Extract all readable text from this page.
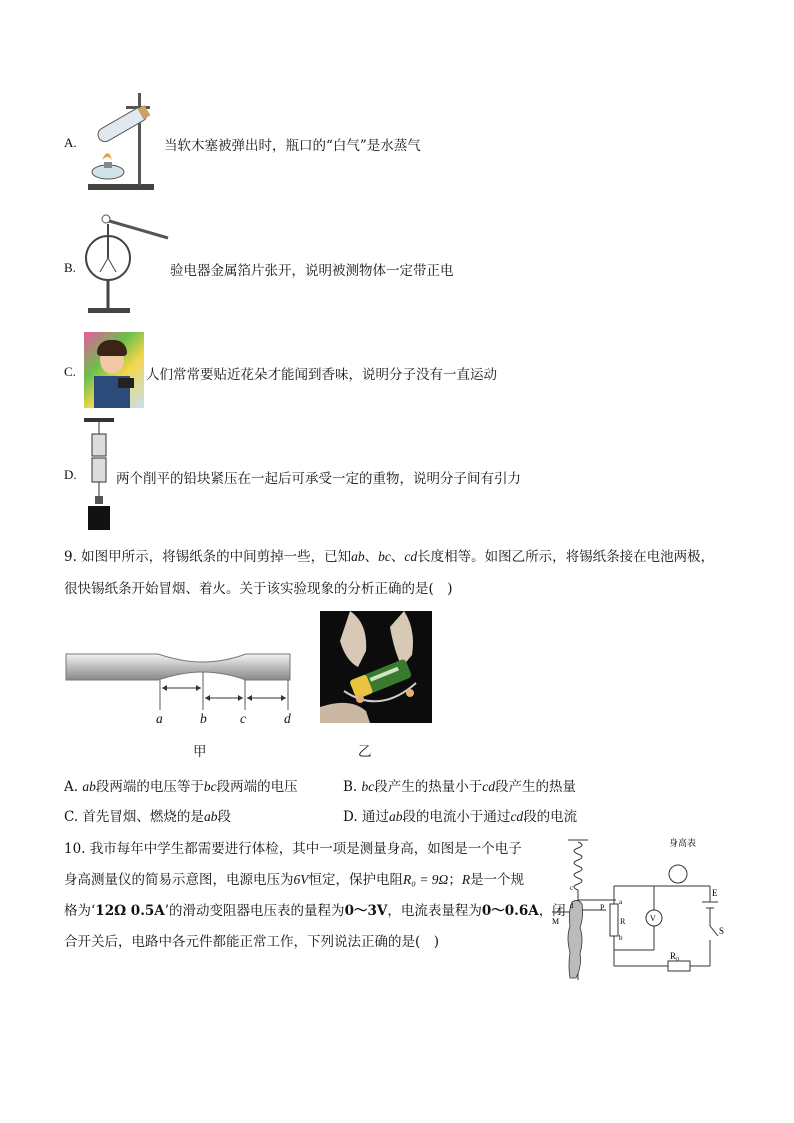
A.	当软木塞被弹出时，瓶口的“白气”是水蒸气
B.	验电器金属箔片张开，说明被测物体一定带正电
C.	人们常常要贴近花朵才能闻到香味，说明分子没有一直运动
D.	两个削平的铅块紧压在一起后可承受一定的重物，说明分子间有引力
9. 如图甲所示，将锡纸条的中间剪掉一些，已知ab、bc、cd长度相等。如图乙所示，将锡纸条接在电池两极，
很快锡纸条开始冒烟、着火。关于该实验现象的分析正确的是(　)
a	b c	d
甲	乙
A. ab段两端的电压等于bc段两端的电压	B. bc段产生的热量小于cd段产生的热量
C. 首先冒烟、燃烧的是ab段	D. 通过ab段的电流小于通过cd段的电流
10. 我市每年中学生都需要进行体检，其中一项是测量身高，如图是一个电子
身高测量仪的简易示意图，电源电压为6V恒定，保护电阻R₀ = 9Ω；R是一个规
格为‘12Ω 0.5A’的滑动变阻器电压表的量程为0～3V，电流表量程为0～0.6A，闭
合开关后，电路中各元件都能正常工作，下列说法正确的是(　)
身高表
E
S
R₀
R
P
M
a
b
c
d
V
